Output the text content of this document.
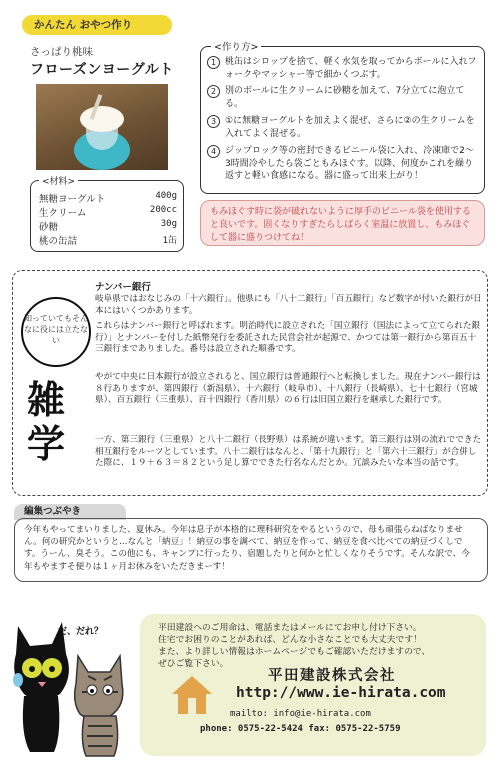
かんたん おやつ作り
さっぱり桃味
フローズンヨーグルト
<材料>
無糖ヨーグルト	400g
生クリーム	200cc
砂糖	30g
桃の缶詰	1缶
<作り方>
1 桃缶はシロップを捨て、軽く水気を取ってからボールに入れフォークやマッシャー等で細かくつぶす。
2 別のボールに生クリームに砂糖を加えて、7分立てに泡立てる。
3 ①に無糖ヨーグルトを加えよく混ぜ、さらに②の生クリームを入れてよく混ぜる。
4 ジップロック等の密封できるビニール袋に入れ、冷凍庫で2～3時間冷やしたら袋ごともみほぐす。以降、何度かこれを繰り返すと軽い食感になる。器に盛って出来上がり！
もみほぐす時に袋が破れないように厚手のビニール袋を使用すると良いです。固くなりすぎたらしばらく室温に放置し、もみほぐして器に盛りつけてね！
知っていてもそんなに役には立たない
雑
学
ナンバー銀行

岐阜県ではおなじみの「十六銀行」。他県にも「八十二銀行」「百五銀行」など数字が付いた銀行が日本にはいくつかあります。

これらはナンバー銀行と呼ばれます。明治時代に設立された「国立銀行（国法によって立てられた銀行）」とナンバーを付した紙幣発行を委託された民営会社が起源で、かつては第一銀行から第百五十三銀行までありました。番号は設立された順番です。

やがて中央に日本銀行が設立されると、国立銀行は普通銀行へと転換しました。現在ナンバー銀行は８行ありますが、第四銀行（新潟県）、十六銀行（岐阜市）、十八銀行（長崎県）、七十七銀行（宮城県）、百五銀行（三重県）、百十四銀行（香川県）の６行は旧国立銀行を継承した銀行です。

一方、第三銀行（三重県）と八十二銀行（長野県）は系統が違います。第三銀行は別の流れでできた相互銀行をルーツとしています。八十二銀行はなんと、「第十九銀行」と「第六十三銀行」が合併した際に、１９＋６３＝８２という足し算でできた行名なんだとか。冗談みたいな本当の話です。

編集つぶやき

今年もやってまいりました、夏休み。今年は息子が本格的に理科研究をやるというので、母も頑張らねばなりません。何の研究かというと…なんと「納豆」！納豆の事を調べて、納豆を作って、納豆を食べ比べての納豆づくしです。うーん、臭そう。この他にも、キャンプに行ったり、宿題したりと何かと忙しくなりそうです。そんな訳で、今年もやますそ便りは１ヶ月お休みをいただきまーす！

だ、だれ？	平田建設へのご用命は、電話またはメールにてお申し付け下さい。

住宅でお困りのことがあれば、どんな小さなことでも大丈夫です！

また、より詳しい情報はホームページでもご確認いただけますので、

ぜひご覧下さい。

平田建設株式会社
http://www.ie-hirata.com
mailto: info@ie-hirata.com
phone: 0575-22-5424 fax: 0575-22-5759
